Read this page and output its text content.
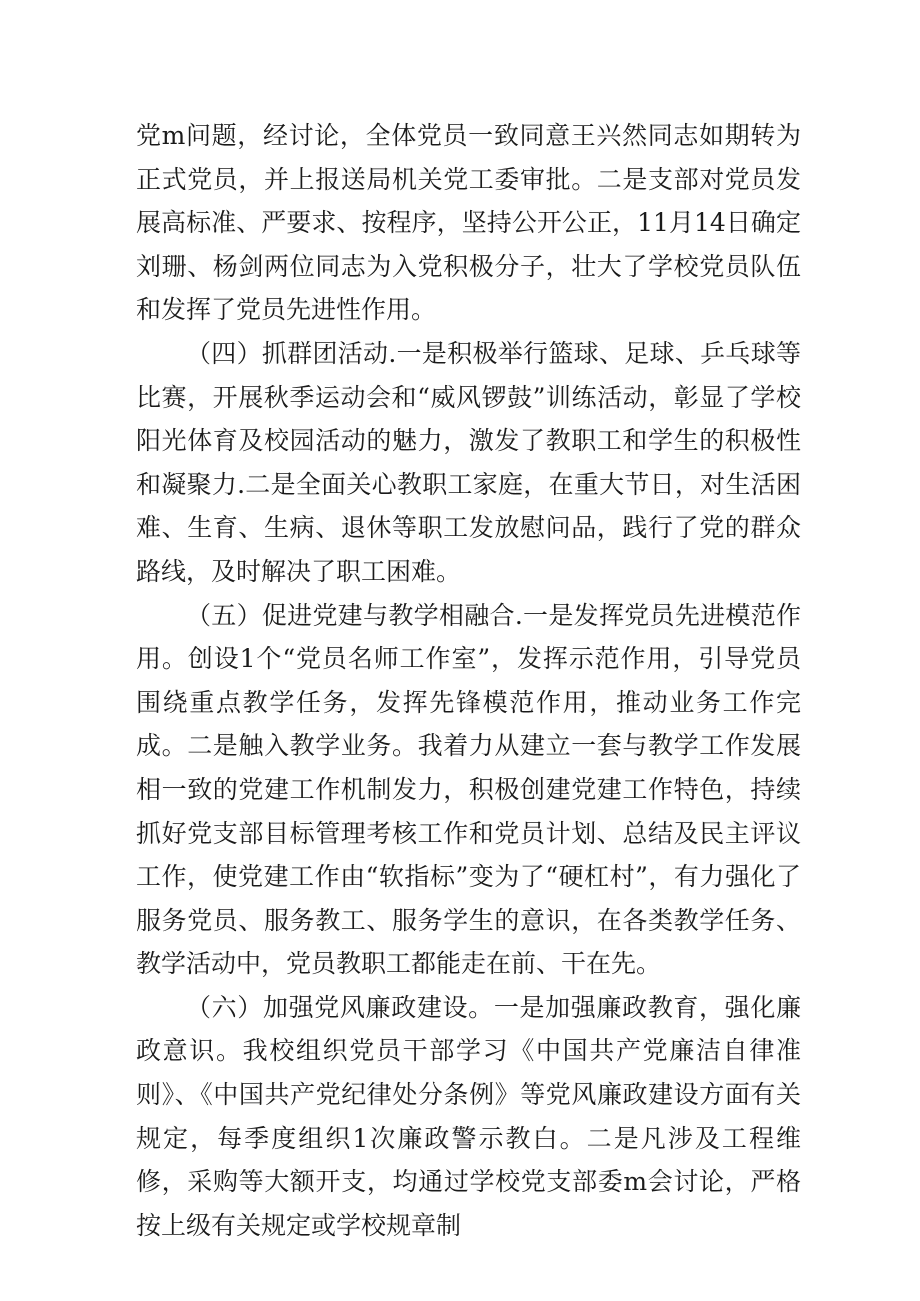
党m问题，经讨论，全体党员一致同意王兴然同志如期转为正式党员，并上报送局机关党工委审批。二是支部对党员发展高标准、严要求、按程序，坚持公开公正，11月14日确定刘珊、杨剑两位同志为入党积极分子，壮大了学校党员队伍和发挥了党员先进性作用。

（四）抓群团活动.一是积极举行篮球、足球、乒乓球等比赛，开展秋季运动会和“威风锣鼓”训练活动，彰显了学校阳光体育及校园活动的魅力，激发了教职工和学生的积极性和凝聚力.二是全面关心教职工家庭，在重大节日，对生活困难、生育、生病、退休等职工发放慰问品，践行了党的群众路线，及时解决了职工困难。

（五）促进党建与教学相融合.一是发挥党员先进模范作用。创设1个“党员名师工作室”，发挥示范作用，引导党员围绕重点教学任务，发挥先锋模范作用，推动业务工作完成。二是触入教学业务。我着力从建立一套与教学工作发展相一致的党建工作机制发力，积极创建党建工作特色，持续抓好党支部目标管理考核工作和党员计划、总结及民主评议工作，使党建工作由“软指标”变为了“硬杠村”，有力强化了服务党员、服务教工、服务学生的意识，在各类教学任务、教学活动中，党员教职工都能走在前、干在先。

（六）加强党风廉政建设。一是加强廉政教育，强化廉政意识。我校组织党员干部学习《中国共产党廉洁自律准则》、《中国共产党纪律处分条例》等党风廉政建设方面有关规定，每季度组织1次廉政警示教白。二是凡涉及工程维修，采购等大额开支，均通过学校党支部委m会讨论，严格按上级有关规定或学校规章制
